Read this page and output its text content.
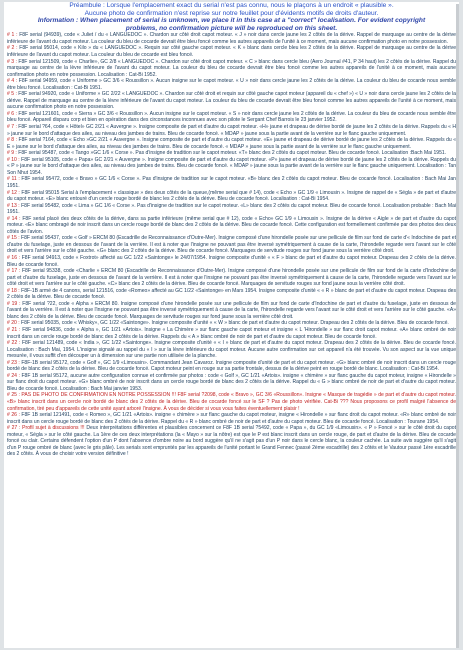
Préambule : Lorsque l'emplacement exact du serial n'est pas connu, nous le plaçons à un endroit « plausible ».
Aucune photo de confirmation n'est reprise sur notre feuillet pour d'évidents motifs de droits d'auteur.
Information : When placement of serial is unknown, we place it in this case at a "correct" localisation. For evident copyright
problems, no confirmation picture will be reproduced on this sheet.

# 1 : F8F serial (94939), code « Juliet / du « LANGUEDOC ». Chardon sur côté droit capot moteur. « J » noir dans cercle jaune les 2 côtés de la dérive. Rappel de marquage au centre de la dérive inférieure de l'avant du capot moteur. La couleur du bleu de cocarde devrait être bleu foncé comme les autres appareils de l'unité à ce moment, mais aucune confirmation photo en notre possession.

# 2 : F8F serial 95014, code « Kilo » du « LANGUEDOC ». Requin sur côté gauche capot moteur. « K » blanc dans cercle bleu les 2 côtés de la dérive. Rappel de marquage au centre de la dérive inférieure de l'avant du capot moteur. La couleur du bleu de cocarde est bleu foncé.

# 3 : F8F serial 121509, code « Charlie», GC 2/8 « LANGUEDOC ». Chardon sur côté droit capot moteur. « C » blanc dans cercle bleu (Aero Journal #41, P 34 haut) les 2 côtés de la dérive. Rappel du marquage au centre de la lèvre inférieure de l'avant du capot moteur. La couleur du bleu de cocarde devrait être bleu foncé comme les autres appareils de l'unité à ce moment, mais aucune confirmation photo en notre possession. Localisation : Cat-Bi 1952.

# 4 : F8F serial 94959, code « Uniforme » GC 3/6 « Roussillon ». Aucun insigne sur le capot moteur. « U » noir dans cercle jaune les 2 côtés de la dérive. La couleur du bleu de cocarde nous semble être bleu foncé. Localisation : Cat-Bi 1951.

# 5 : F8F serial 94920, code « Uniforme » GC 2/22 « LANGUEDOC ». Chardon sur côté droit et requin sur côté gauche capot moteur (appareil du « chef ») « U » noir dans cercle jaune les 2 côtés de la dérive. Rappel de marquage au centre de la lèvre inférieure de l'avant du capot moteur. La couleur du bleu de cocarde devrait être bleu foncé comme les autres appareils de l'unité à ce moment, mais aucune confirmation photo en notre possession.

# 6 : F8F serial 121601, code « Sierra » GC 3/6 « Roussillon ». Aucun insigne sur le capot moteur. « S » noir dans cercle jaune les 2 côtés de la dérive. La couleur du bleu de cocarde nous semble être bleu foncé. Appareil disparu corp et bien en opération dans des circonstances inconnues avec son pilote le Sergant Chef Barrois le 23 janvier 1952.

# 7 : F8F serial ?64, code « Hôtel» GC 2/21 « Auvergne ». Insigne composite de part et d'autre du capot moteur. «H» jaune et drapeau de dérive bordé de jaune les 2 côtés de la dérive. Rappels du « H » jaune sur le bord d'attaque des ailes, au niveau des jambes de trains. Bleu de cocarde foncé. « MDAP » jaune sous la partie avant de la verrière sur le flanc gauche uniquement.

# 8 : F8F serial ?164, code « Echo »GC 2/21 « Auvergne ». Insigne composite de part et d'autre du capot moteur. «E» jaune et drapeau de dérive bordé de jaune les 2 côtés de la dérive. Rappels du « E » jaune sur le bord d'attaque des ailes, au niveau des jambes de trains. Bleu de cocarde foncé. « MDAP » jaune sous la partie avant de la verrière sur le flanc gauche uniquement.

# 9 : F8F serial 95487, code « Tango »GC 1/6 « Corse ». Pas d'insigne de tradition sur le capot moteur. «T» blanc des 2 côtés du capot moteur. Bleu de cocarde foncé. Localisation :Bach Mai 1951.

# 10 : F8F serial 95105, code « Papa» GC 2/21 « Auvergne ». Insigne composite de part et d'autre du capot moteur. «P» jaune et drapeau de dérive bordé de jaune les 2 côtés de la dérive. Rappels du « P » jaune sur le bord d'attaque des ailes, au niveau des jambes de trains. Bleu de cocarde foncé. « MDAP » jaune sous la partie avant de la verrière sur le flanc gauche uniquement. Localisation : Tan Son Nhut 1954.

# 11 : F8F serial 95472, code « Bravo » GC 1/6 « Corse ». Pas d'insigne de tradition sur le capot moteur. «B» blanc des 2 côtés du capot moteur. Bleu de cocarde foncé. Localisation : Bach Mai Jan 1951.

# 12 : F8F serial 95015 Serial à l'emplacement « classique » des deux côtés de la queue,(même serial que # 14), code « Echo » GC 1/9 « Limousin ». Insigne de rappel de « Ségla » de part et d'autre du capot moteur. «E» blanc entouré d'un cercle rouge bordé de blanc les 2 côtés de la dérive. Bleu de cocarde foncé. Localisation : Cat-Bi 1954.

# 13 : F8F serial 95482, code « Lima » GC 1/6 « Corse ». Pas d'insigne de tradition sur le capot moteur. «L» blanc des 2 côtés du capot moteur. Bleu de cocarde foncé. Localisation probable : Bach Mai 1951.

# 14 : F8F serial placé des deux côtés de la dérive, dans sa partie inférieure (même serial que # 12), code « Echo» GC 1/9 « Limousin ». Insigne de la dérive « Aigle » de part et d'autre du capot moteur. «E» blanc ombragé de noir inscrit dans un cercle rouge bordé de blanc des 2 côtés de la dérive. Bleu de cocarde foncé. Cette configuration est formellement confirmée par des photos des deux côtés de l'avion.

# 15 : F8F serial 95437, code « Golf » ERCM 80 (Escadrille de Reconnaissance d'Outre-Mer). Insigne composé d'une hirondelle posée sur une pellicule de film sur fond de carte d'« Indochine de part et d'autre du fuselage, juste en dessous de l'avant de la verrière. Il est à noter que l'insigne ne pouvant pas être inversé symétriquement à cause de la carte, l'hirondelle regarde vers l'avant sur le côté droit et vers l'arrière sur le côté gauche. «G» blanc des 2 côtés de la dérive. Bleu de cocarde foncé. Marquages de servitude rouges sur fond jaune sous la verrière côté droit.

# 16 : F8F serial 94913, code « Foxtrot» affecté au GC 1/22 «Saintonge» le 24/07/1954. Insigne composite d'unité « « F » blanc de part et d'autre du capot moteur. Drapeau des 2 côtés de la dérive. Bleu de cocarde foncé.

# 17 : F8F serial 95338, code «Charlie » ERCM 80 (Escadrille de Reconnaissance d'Outre-Mer). Insigne composé d'une hirondelle posée sur une pellicule de film sur fond de la carte d'Indochine de part et d'autre du fuselage, juste en dessous de l'avant de la verrière. Il est à noter que l'insigne ne pouvant pas être inversé symétriquement à cause de la carte, l'hirondelle regarde vers l'avant sur le côté droit et vers l'arrière sur le côté gauche. «C» blanc des 2 côtés de la dérive. Bleu de cocarde foncé. Marquages de servitude rouges sur fond jaune sous la verrière côté droit.

# 18 : F8F-1B armé de 4 canons, serial 121516, code «Romeo» affecté au GC 1/22 «Saintonge» en Mars 1954. Insigne composite d'unité « « R » blanc de part et d'autre du capot moteur. Drapeau des 2 côtés de la dérive. Bleu de cocarde foncé.

# 19 : F8F serial ?22, code « Alpha » ERCM 80. Insigne composé d'une hirondelle posée sur une pellicule de film sur fond de carte d'Indochine de part et d'autre du fuselage, juste en dessous de l'avant de la verrière. Il est à noter que l'insigne ne pouvant pas être inversé symétriquement à cause de la carte, l'hirondelle regarde vers l'avant sur le côté droit et vers l'arrière sur le côté gauche. «A» blanc des 2 côtés de la dérive. Bleu de cocarde foncé. Marquages de servitude rouges sur fond jaune sous la verrière côté droit.

# 20 : F8F serial 95035, code « Whisky», GC 1/22 «Saintonge». Insigne composite d'unité « « W » blanc de part et d'autre du capot moteur. Drapeau des 2 côtés de la dérive. Bleu de cocarde foncé.

# 21 : F8F serial 94836, code « Alpha », GC 1/21 «Artois». Insigne « La Chimère » sur flanc gauche capot moteur et insigne « L 'Hirondelle » sur flanc droit capot moteur. «A» blanc ombré de noir inscrit dans un cercle rouge bordé de blanc des 2 côtés de la dérive. Rappels du « A » blanc ombré de noir de part et d'autre du capot moteur. Bleu de cocarde foncé.

# 22 : F8F serial 121489, code « India », GC 1/22 «Saintonge». Insigne composite d'unité « « I » blanc de part et d'autre du capot moteur. Drapeau des 2 côtés de la dérive. Bleu de cocarde foncé. Localisation : Bach Mai, 1954. L'insigne signalé au rappel du « I » sur la lèvre inférieure du capot moteur. Aucune autre confirmation sur cet appareil n'a été trouvée. Vu son aspect sur la vue unique mesurée, il vous suffit d'en découper un à dimension sur une partie non utilisée de la planche.

# 23 : F8F-1B serial 95172, code « Golf », GC 1/9 «Limousin». Commandant Jean Cavaroz. Insigne composite d'unité de part et du capot moteur. «G» blanc ombré de noir inscrit dans un cercle rouge bordé de blanc des 2 côtés de la dérive. Bleu de cocarde foncé. Capot moteur peint en rouge sur sa partie frontale, dessus de la dérive peint en rouge bordé de blanc. Localisation : Cat-Bi 1954.

# 24 : F8F 1B serial 95172, aucune autre configuration connue et confirmée par photos : code « Golf », GC 1/21 «Artois». insigne « chimère » sur flanc gauche du capot moteur, insigne « Hirondelle » sur flanc droit du capot moteur. «G» blanc ombré de noir inscrit dans un cercle rouge bordé de blanc des 2 côtés de la dérive. Rappel du « G » blanc ombré de noir de part et d'autre du capot moteur. Bleu de cocarde foncé. Localisation : Bach Mai janvier 1953.

# 25 : PAS DE PHOTO DE CONFIRMATION EN NOTRE POSSESSION !!! F8F serial ?2098, code « Bravo », GC 3/6 «Roussillon». Insigne « Masque de tragédie » de part et d'autre du capot moteur. «B» blanc inscrit dans un cercle noir bordé de blanc des 2 côtés de la dérive. Bleu de cocarde foncé sur le SF ? Pas de photo vérifiée. Cat-Bi ??? Nous proposons ce profil malgré l'absence de confirmation, tiré peu d'appareils de cette unité ayant arboré l'insigne. À vous de décider si vous vous faites éventuellement plaisir !

# 26 : F8F 1B serial 121491, code « Romeo », GC 1/21 «Artois». insigne « chimère » sur flanc gauche du capot moteur, insigne « Hirondelle » sur flanc droit du capot moteur. «R» blanc ombré de noir inscrit dans un cercle rouge bordé de blanc des 2 côtés de la dérive. Rappel du « R » blanc ombré de noir de part et d'autre du capot moteur. Bleu de cocarde foncé. Localisation : Tourane 1954.

# 27 : Profil sujet à discussions !!! Deux interprétations différentes et plausibles concernent ce F8F 1B serial ?5492, code « Papa », du GC 1/9 «Limousin». « P » Foncé » sur le côté droit du capot moteur, « Ségla » sur le côté gauche. La 1ère de ces deux interprétations (la « Mayo » sur la nôtre) est que le P est blanc inscrit dans un cercle rouge, de part et d'autre de la dérive. Bleu de cocarde foncé ou clair. Certains défendent l'option d'un P dont l'absence d'ombre noire au bord suggère qu'il ne s'agit pas d'un P noir dans le cercle blanc, la couleur cachée. La suite avis suggère qu'il s'agit d'un P rouge ombré de blanc (avec le gris pâle). Les serials sont empruntés par les appareils de l'unité portant le Grand Fennec (passé 2ème escadrille) des 2 côtés et le Vautour passé 1ère escadrille des 2 côtés. À vous de choisir votre version définitive !
